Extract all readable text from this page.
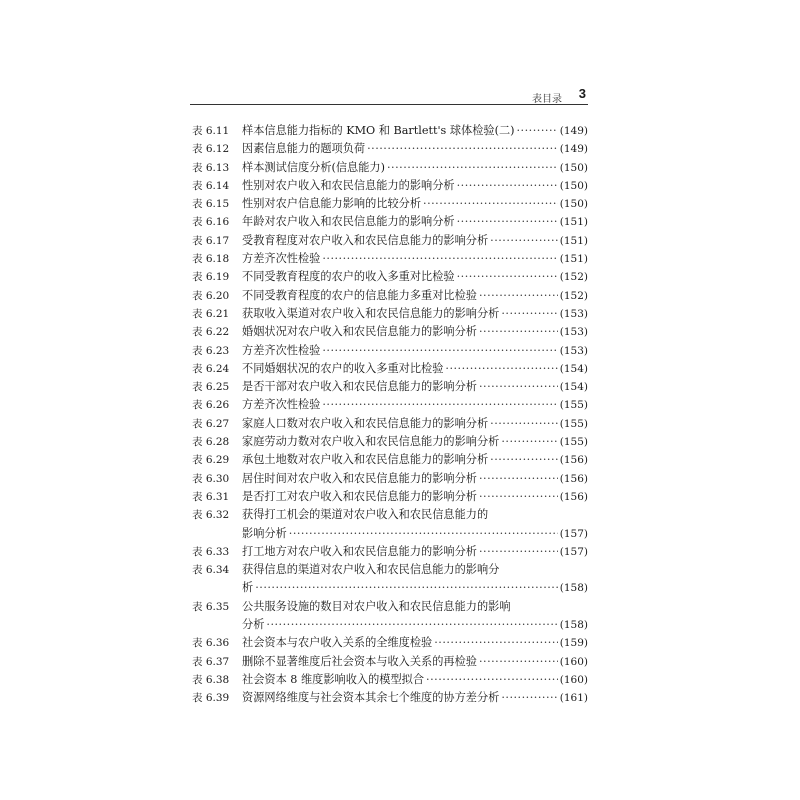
表目录 3
表 6.11	样本信息能力指标的 KMO 和 Bartlett's 球体检验(二) ·····	(149)
表 6.12	因素信息能力的题项负荷 ·····	(149)
表 6.13	样本测试信度分析(信息能力) ·····	(150)
表 6.14	性别对农户收入和农民信息能力的影响分析 ·····	(150)
表 6.15	性别对农户信息能力影响的比较分析 ·····	(150)
表 6.16	年龄对农户收入和农民信息能力的影响分析 ·····	(151)
表 6.17	受教育程度对农户收入和农民信息能力的影响分析 ·····	(151)
表 6.18	方差齐次性检验 ·····	(151)
表 6.19	不同受教育程度的农户的收入多重对比检验 ·····	(152)
表 6.20	不同受教育程度的农户的信息能力多重对比检验 ·····	(152)
表 6.21	获取收入渠道对农户收入和农民信息能力的影响分析 ·····	(153)
表 6.22	婚姻状况对农户收入和农民信息能力的影响分析 ·····	(153)
表 6.23	方差齐次性检验 ·····	(153)
表 6.24	不同婚姻状况的农户的收入多重对比检验 ·····	(154)
表 6.25	是否干部对农户收入和农民信息能力的影响分析 ·····	(154)
表 6.26	方差齐次性检验 ·····	(155)
表 6.27	家庭人口数对农户收入和农民信息能力的影响分析 ·····	(155)
表 6.28	家庭劳动力数对农户收入和农民信息能力的影响分析 ·····	(155)
表 6.29	承包土地数对农户收入和农民信息能力的影响分析 ·····	(156)
表 6.30	居住时间对农户收入和农民信息能力的影响分析 ·····	(156)
表 6.31	是否打工对农户收入和农民信息能力的影响分析 ·····	(156)
表 6.32	获得打工机会的渠道对农户收入和农民信息能力的
影响分析 ·····	(157)
表 6.33	打工地方对农户收入和农民信息能力的影响分析 ·····	(157)
表 6.34	获得信息的渠道对农户收入和农民信息能力的影响分
析 ·····	(158)
表 6.35	公共服务设施的数目对农户收入和农民信息能力的影响
分析 ·····	(158)
表 6.36	社会资本与农户收入关系的全维度检验 ·····	(159)
表 6.37	删除不显著维度后社会资本与收入关系的再检验 ·····	(160)
表 6.38	社会资本 8 维度影响收入的模型拟合 ·····	(160)
表 6.39	资源网络维度与社会资本其余七个维度的协方差分析 ·····	(161)
